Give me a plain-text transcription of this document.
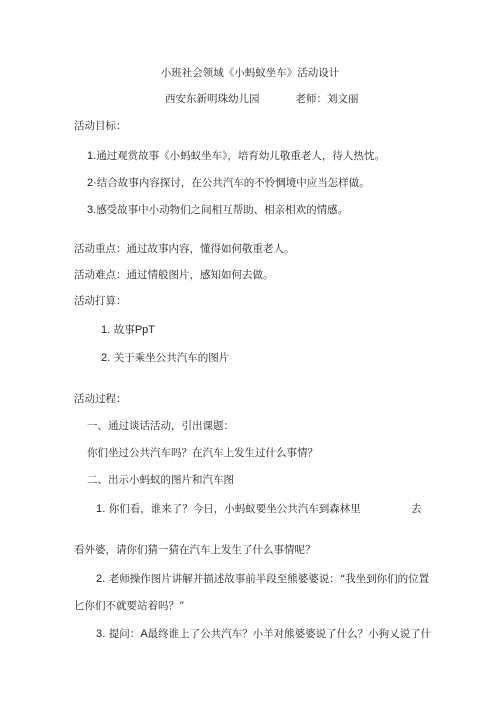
小班社会领域《小蚂蚁坐车》活动设计
西安东新明珠幼儿园	老师：刘文丽
活动目标：
1.通过观赏故事《小蚂蚁坐车》，培育幼儿敬重老人，待人热忱。
2·结合故事内容探讨，在公共汽车的不怜惆境中应当怎样做。
3.感受故事中小动物们之间相互帮助、相亲相欢的情感。
活动重点：通过故事内容，懂得如何敬重老人。
活动难点：通过情般图片，感知如何去做。
活动打算：
1. 故事PpT
2. 关于乘坐公共汽车的图片
活动过程：
一、通过谈话活动，引出课题：
你们坐过公共汽车吗？在汽车上发生过什么事情？
二、出示小蚂蚁的图片和汽车图
1. 你们看，谁来了？今日，小蚂蚁要坐公共汽车到森林里	去
看外婆，请你们猜一猜在汽车上发生了什么事情呢？
2. 老师操作图片讲解并描述故事前半段至熊婆婆说：“我坐到你们的位置
匕你们不就要站着吗？”
3. 提问：A最终谁上了公共汽车？小羊对熊婆婆说了什么？小狗乂说了什
